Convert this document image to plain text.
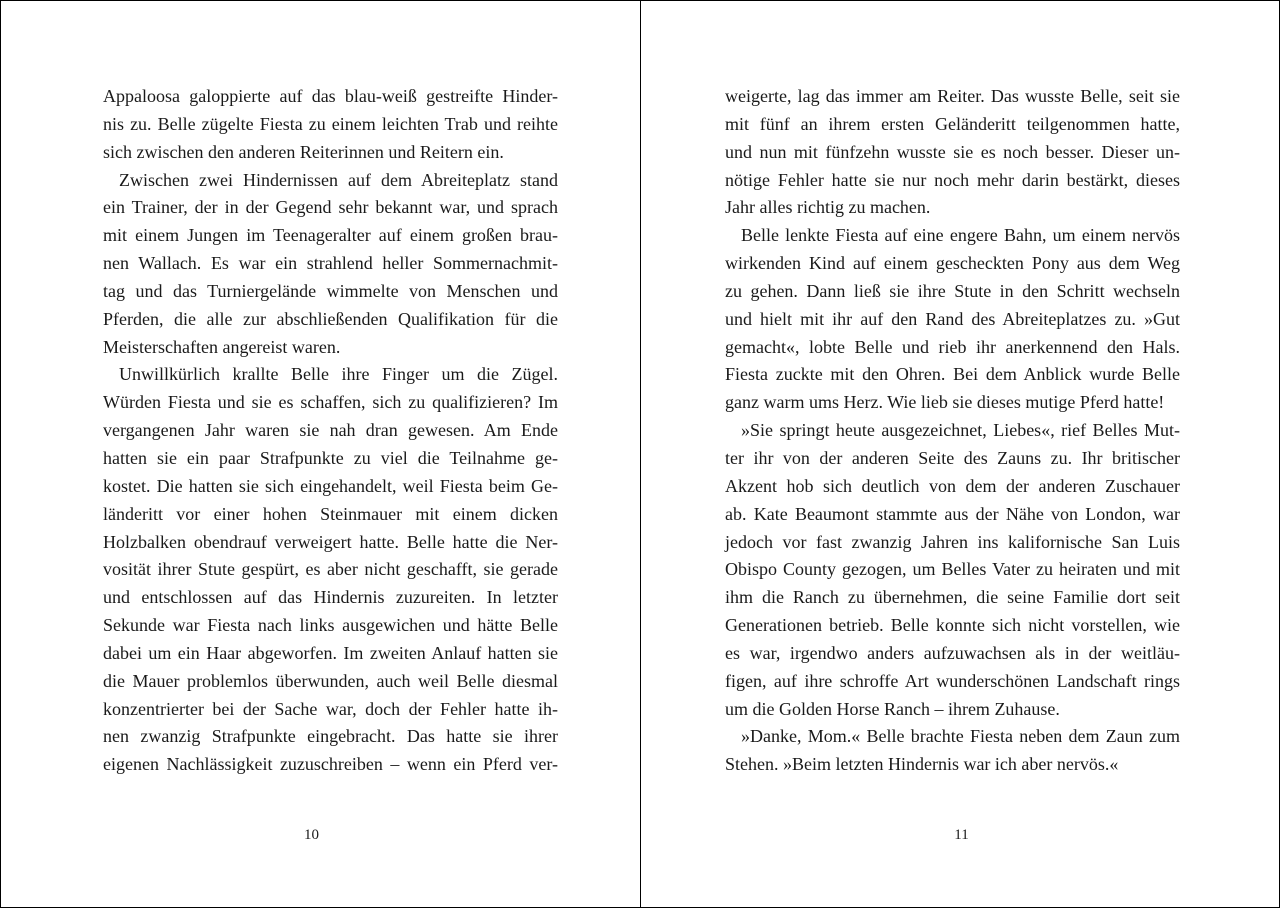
Appaloosa galoppierte auf das blau-weiß gestreifte Hinder-
nis zu. Belle zügelte Fiesta zu einem leichten Trab und reihte
sich zwischen den anderen Reiterinnen und Reitern ein.
Zwischen zwei Hindernissen auf dem Abreiteplatz stand
ein Trainer, der in der Gegend sehr bekannt war, und sprach
mit einem Jungen im Teenageralter auf einem großen brau-
nen Wallach. Es war ein strahlend heller Sommernachmit-
tag und das Turniergelände wimmelte von Menschen und
Pferden, die alle zur abschließenden Qualifikation für die
Meisterschaften angereist waren.
Unwillkürlich krallte Belle ihre Finger um die Zügel.
Würden Fiesta und sie es schaffen, sich zu qualifizieren? Im
vergangenen Jahr waren sie nah dran gewesen. Am Ende
hatten sie ein paar Strafpunkte zu viel die Teilnahme ge-
kostet. Die hatten sie sich eingehandelt, weil Fiesta beim Ge-
länderitt vor einer hohen Steinmauer mit einem dicken
Holzbalken obendrauf verweigert hatte. Belle hatte die Ner-
vosität ihrer Stute gespürt, es aber nicht geschafft, sie gerade
und entschlossen auf das Hindernis zuzureiten. In letzter
Sekunde war Fiesta nach links ausgewichen und hätte Belle
dabei um ein Haar abgeworfen. Im zweiten Anlauf hatten sie
die Mauer problemlos überwunden, auch weil Belle diesmal
konzentrierter bei der Sache war, doch der Fehler hatte ih-
nen zwanzig Strafpunkte eingebracht. Das hatte sie ihrer
eigenen Nachlässigkeit zuzuschreiben – wenn ein Pferd ver-
10
weigerte, lag das immer am Reiter. Das wusste Belle, seit sie
mit fünf an ihrem ersten Geländeritt teilgenommen hatte,
und nun mit fünfzehn wusste sie es noch besser. Dieser un-
nötige Fehler hatte sie nur noch mehr darin bestärkt, dieses
Jahr alles richtig zu machen.
Belle lenkte Fiesta auf eine engere Bahn, um einem nervös
wirkenden Kind auf einem gescheckten Pony aus dem Weg
zu gehen. Dann ließ sie ihre Stute in den Schritt wechseln
und hielt mit ihr auf den Rand des Abreiteplatzes zu. »Gut
gemacht«, lobte Belle und rieb ihr anerkennend den Hals.
Fiesta zuckte mit den Ohren. Bei dem Anblick wurde Belle
ganz warm ums Herz. Wie lieb sie dieses mutige Pferd hatte!
»Sie springt heute ausgezeichnet, Liebes«, rief Belles Mut-
ter ihr von der anderen Seite des Zauns zu. Ihr britischer
Akzent hob sich deutlich von dem der anderen Zuschauer
ab. Kate Beaumont stammte aus der Nähe von London, war
jedoch vor fast zwanzig Jahren ins kalifornische San Luis
Obispo County gezogen, um Belles Vater zu heiraten und mit
ihm die Ranch zu übernehmen, die seine Familie dort seit
Generationen betrieb. Belle konnte sich nicht vorstellen, wie
es war, irgendwo anders aufzuwachsen als in der weitläu-
figen, auf ihre schroffe Art wunderschönen Landschaft rings
um die Golden Horse Ranch – ihrem Zuhause.
»Danke, Mom.« Belle brachte Fiesta neben dem Zaun zum
Stehen. »Beim letzten Hindernis war ich aber nervös.«
11
